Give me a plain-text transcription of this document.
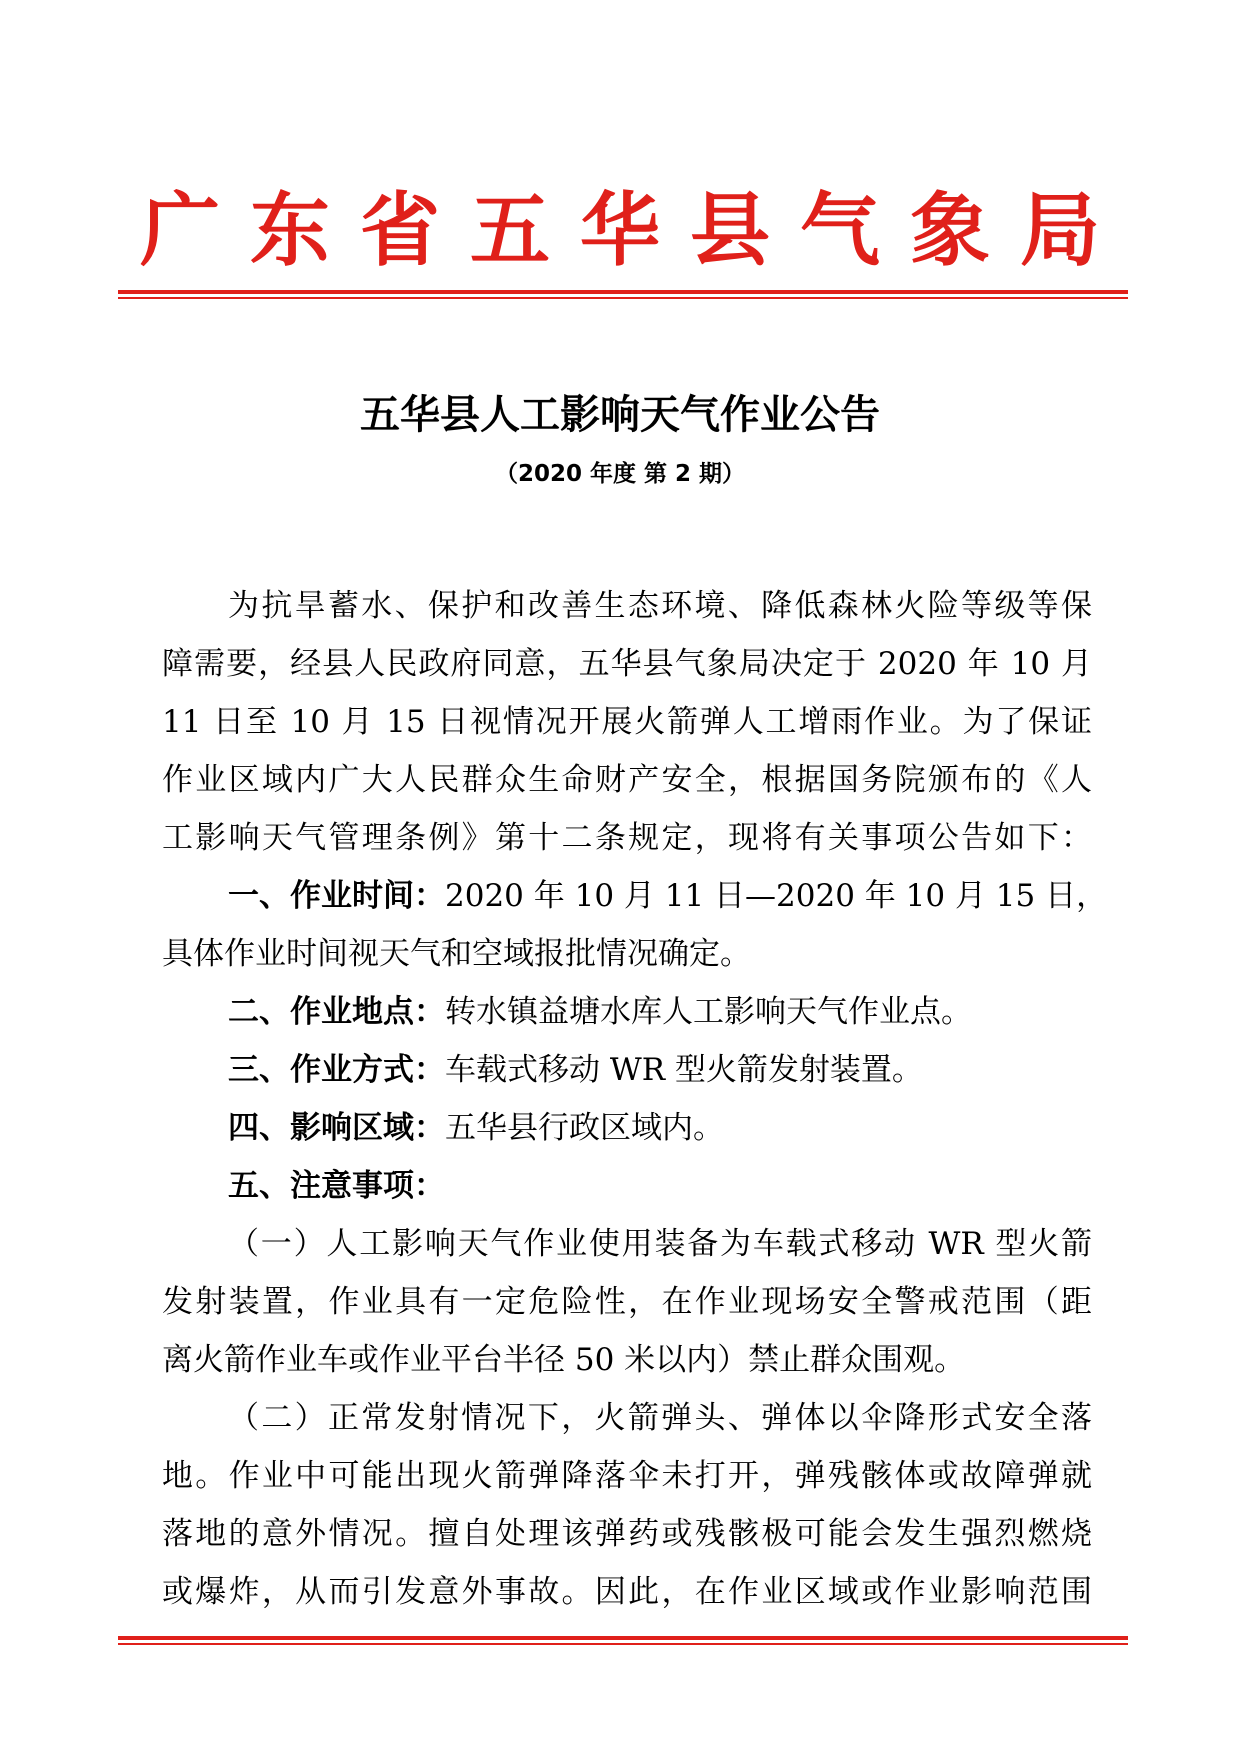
广东省五华县气象局
五华县人工影响天气作业公告
（2020 年度 第 2 期）
为抗旱蓄水、保护和改善生态环境、降低森林火险等级等保
障需要，经县人民政府同意，五华县气象局决定于 2020 年 10 月
11 日至 10 月 15 日视情况开展火箭弹人工增雨作业。为了保证
作业区域内广大人民群众生命财产安全，根据国务院颁布的《人
工影响天气管理条例》第十二条规定，现将有关事项公告如下：
一、作业时间：2020 年 10 月 11 日—2020 年 10 月 15 日，
具体作业时间视天气和空域报批情况确定。
二、作业地点：转水镇益塘水库人工影响天气作业点。
三、作业方式：车载式移动 WR 型火箭发射装置。
四、影响区域：五华县行政区域内。
五、注意事项：
（一）人工影响天气作业使用装备为车载式移动 WR 型火箭
发射装置，作业具有一定危险性，在作业现场安全警戒范围（距
离火箭作业车或作业平台半径 50 米以内）禁止群众围观。
（二）正常发射情况下，火箭弹头、弹体以伞降形式安全落
地。作业中可能出现火箭弹降落伞未打开，弹残骸体或故障弹就
落地的意外情况。擅自处理该弹药或残骸极可能会发生强烈燃烧
或爆炸，从而引发意外事故。因此，在作业区域或作业影响范围
